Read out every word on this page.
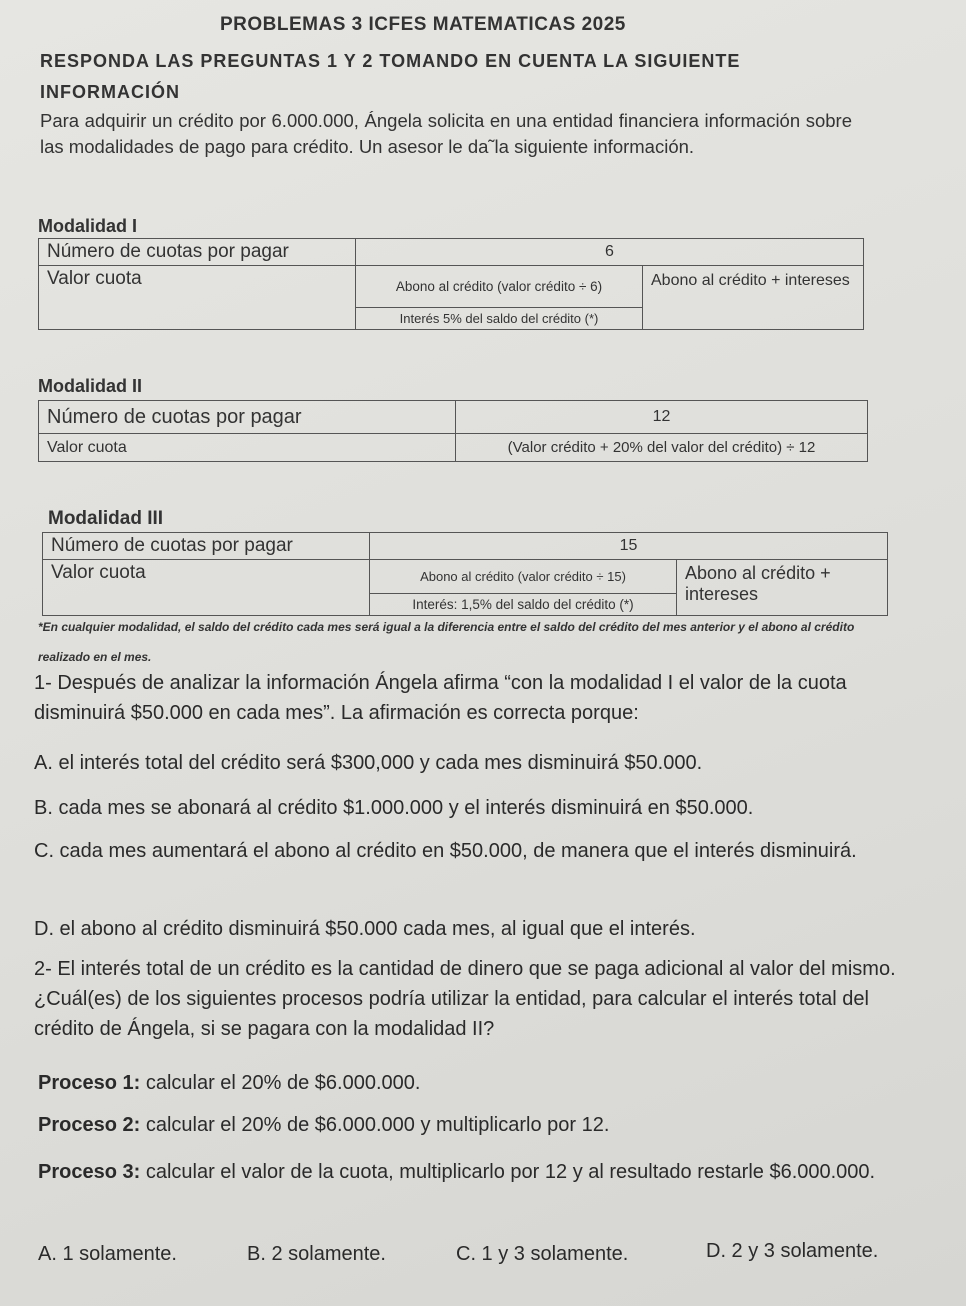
PROBLEMAS 3 ICFES MATEMATICAS 2025
RESPONDA LAS PREGUNTAS 1 Y 2 TOMANDO EN CUENTA LA SIGUIENTE INFORMACIÓN
Para adquirir un crédito por 6.000.000, Ángela solicita en una entidad financiera información sobre las modalidades de pago para crédito. Un asesor le da˜la siguiente información.
Modalidad I
Número de cuotas por pagar	6	
Valor cuota	Abono al crédito (valor crédito ÷ 6)	Abono al crédito + intereses
	Interés 5% del saldo del crédito (*)	
Modalidad II
Número de cuotas por pagar	12
Valor cuota	(Valor crédito + 20% del valor del crédito) ÷ 12
Modalidad III
Número de cuotas por pagar	15	
Valor cuota	Abono al crédito (valor crédito ÷ 15)	Abono al crédito + intereses
	Interés: 1,5% del saldo del crédito (*)	
*En cualquier modalidad, el saldo del crédito cada mes será igual a la diferencia entre el saldo del crédito del mes anterior y el abono al crédito realizado en el mes.
1- Después de analizar la información Ángela afirma “con la modalidad I el valor de la cuota disminuirá $50.000 en cada mes”. La afirmación es correcta porque:
A. el interés total del crédito será $300,000 y cada mes disminuirá $50.000.
B. cada mes se abonará al crédito $1.000.000 y el interés disminuirá en $50.000.
C. cada mes aumentará el abono al crédito en $50.000, de manera que el interés disminuirá.
D. el abono al crédito disminuirá $50.000 cada mes, al igual que el interés.
2- El interés total de un crédito es la cantidad de dinero que se paga adicional al valor del mismo. ¿Cuál(es) de los siguientes procesos podría utilizar la entidad, para calcular el interés total del crédito de Ángela, si se pagara con la modalidad II?
Proceso 1: calcular el 20% de $6.000.000.
Proceso 2: calcular el 20% de $6.000.000 y multiplicarlo por 12.
Proceso 3: calcular el valor de la cuota, multiplicarlo por 12 y al resultado restarle $6.000.000.
A. 1 solamente.	B. 2 solamente.	C. 1 y 3 solamente.	D. 2 y 3 solamente.
